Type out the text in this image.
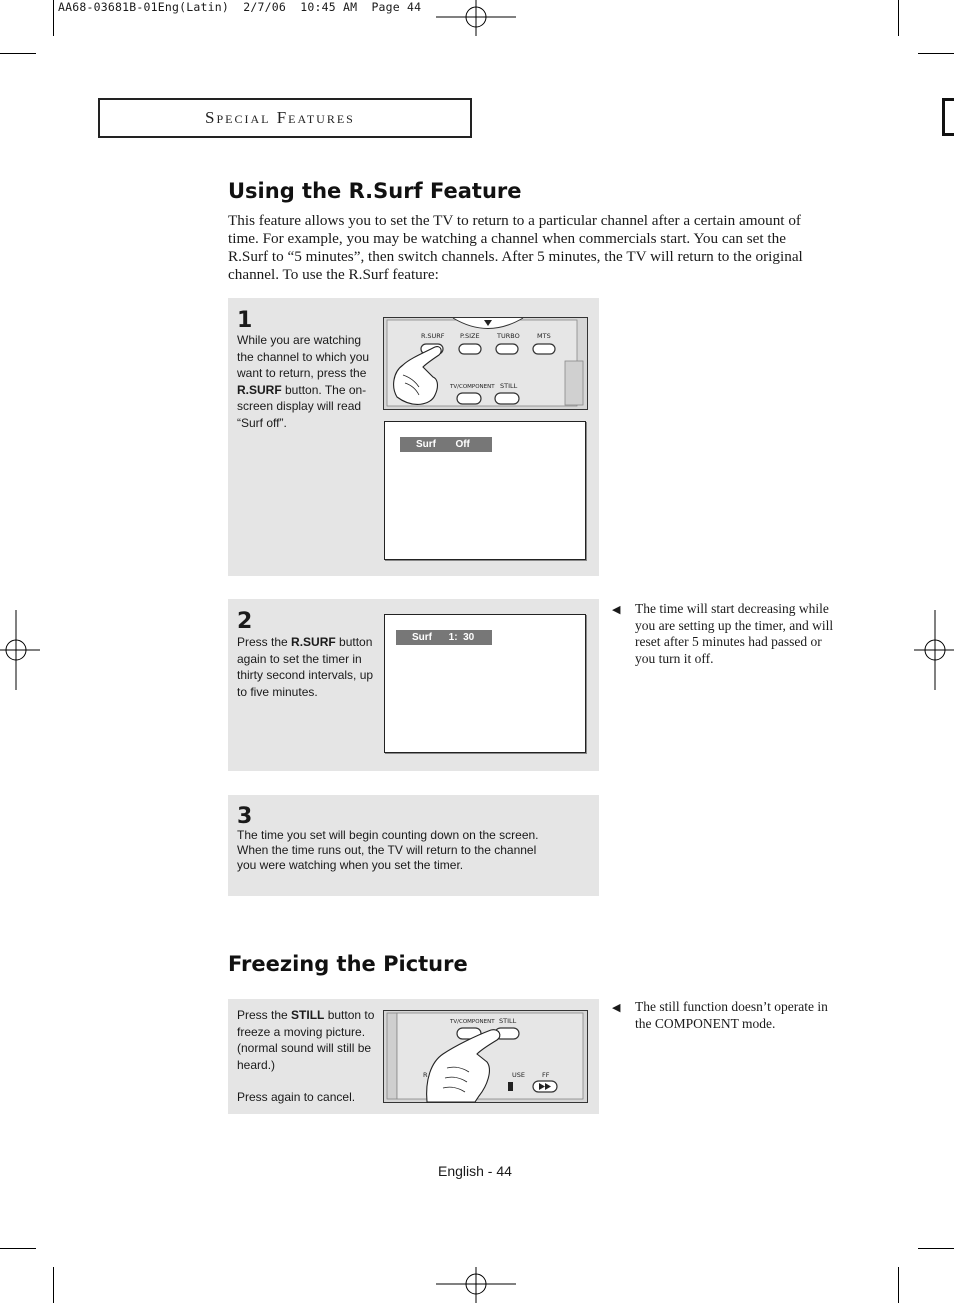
AA68-03681B-01Eng(Latin)  2/7/06  10:45 AM  Page 44
Special Features
Using the R.Surf Feature
This feature allows you to set the TV to return to a particular channel after a certain amount of time. For example, you may be watching a channel when commercials start. You can set the R.Surf to “5 minutes”, then switch channels. After 5 minutes, the TV will return to the original channel. To use the R.Surf feature:
1
While you are watching the channel to which you want to return, press the R.SURF button. The on-screen display will read “Surf off”.
R.SURF P.SIZE	TURBO	MTS
TV/COMPONENT STILL
Surf       Off
2
Press the R.SURF button again to set the timer in thirty second intervals, up to five minutes.
Surf      1:  30
◀ The time will start decreasing while you are setting up the timer, and will reset after 5 minutes had passed or you turn it off.
3
The time you set will begin counting down on the screen. When the time runs out, the TV will return to the channel you were watching when you set the timer.
Freezing the Picture
Press the STILL button to freeze a moving picture. (normal sound will still be heard.)
Press again to cancel.
TV/COMPONENT STILL
R	USE	FF
◀ The still function doesn’t operate in the COMPONENT mode.
English - 44
